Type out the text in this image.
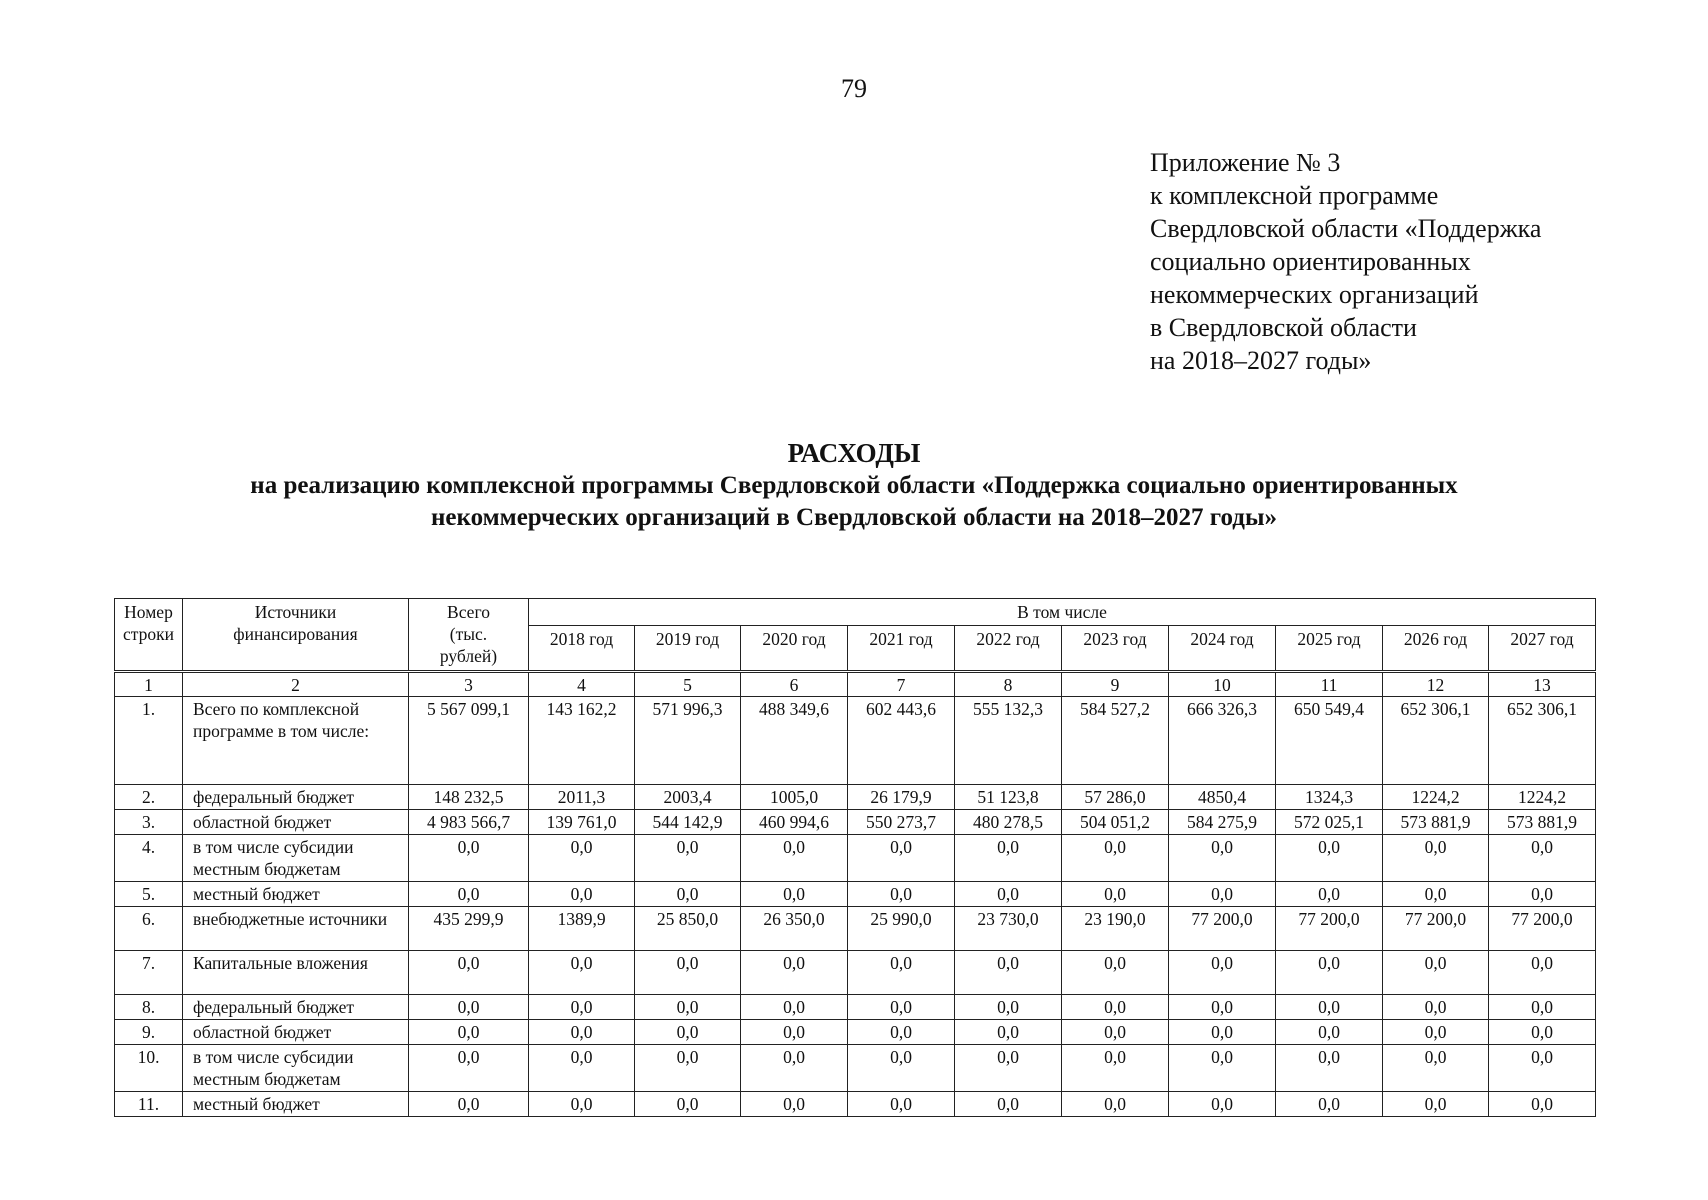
79
Приложение № 3
к комплексной программе
Свердловской области «Поддержка
социально ориентированных
некоммерческих организаций
в Свердловской области
на 2018–2027 годы»
РАСХОДЫ
на реализацию комплексной программы Свердловской области «Поддержка социально ориентированных
некоммерческих организаций в Свердловской области на 2018–2027 годы»
Номер строки	Источники финансирования	Всего (тыс. рублей)	В том числе									
			2018 год	2019 год	2020 год	2021 год	2022 год	2023 год	2024 год	2025 год	2026 год	2027 год
1	2	3	4	5	6	7	8	9	10	11	12	13
1.	Всего по комплексной программе в том числе:	5 567 099,1	143 162,2	571 996,3	488 349,6	602 443,6	555 132,3	584 527,2	666 326,3	650 549,4	652 306,1	652 306,1
2.	федеральный бюджет	148 232,5	2011,3	2003,4	1005,0	26 179,9	51 123,8	57 286,0	4850,4	1324,3	1224,2	1224,2
3.	областной бюджет	4 983 566,7	139 761,0	544 142,9	460 994,6	550 273,7	480 278,5	504 051,2	584 275,9	572 025,1	573 881,9	573 881,9
4.	в том числе субсидии местным бюджетам	0,0	0,0	0,0	0,0	0,0	0,0	0,0	0,0	0,0	0,0	0,0
5.	местный бюджет	0,0	0,0	0,0	0,0	0,0	0,0	0,0	0,0	0,0	0,0	0,0
6.	внебюджетные источники	435 299,9	1389,9	25 850,0	26 350,0	25 990,0	23 730,0	23 190,0	77 200,0	77 200,0	77 200,0	77 200,0
7.	Капитальные вложения	0,0	0,0	0,0	0,0	0,0	0,0	0,0	0,0	0,0	0,0	0,0
8.	федеральный бюджет	0,0	0,0	0,0	0,0	0,0	0,0	0,0	0,0	0,0	0,0	0,0
9.	областной бюджет	0,0	0,0	0,0	0,0	0,0	0,0	0,0	0,0	0,0	0,0	0,0
10.	в том числе субсидии местным бюджетам	0,0	0,0	0,0	0,0	0,0	0,0	0,0	0,0	0,0	0,0	0,0
11.	местный бюджет	0,0	0,0	0,0	0,0	0,0	0,0	0,0	0,0	0,0	0,0	0,0
